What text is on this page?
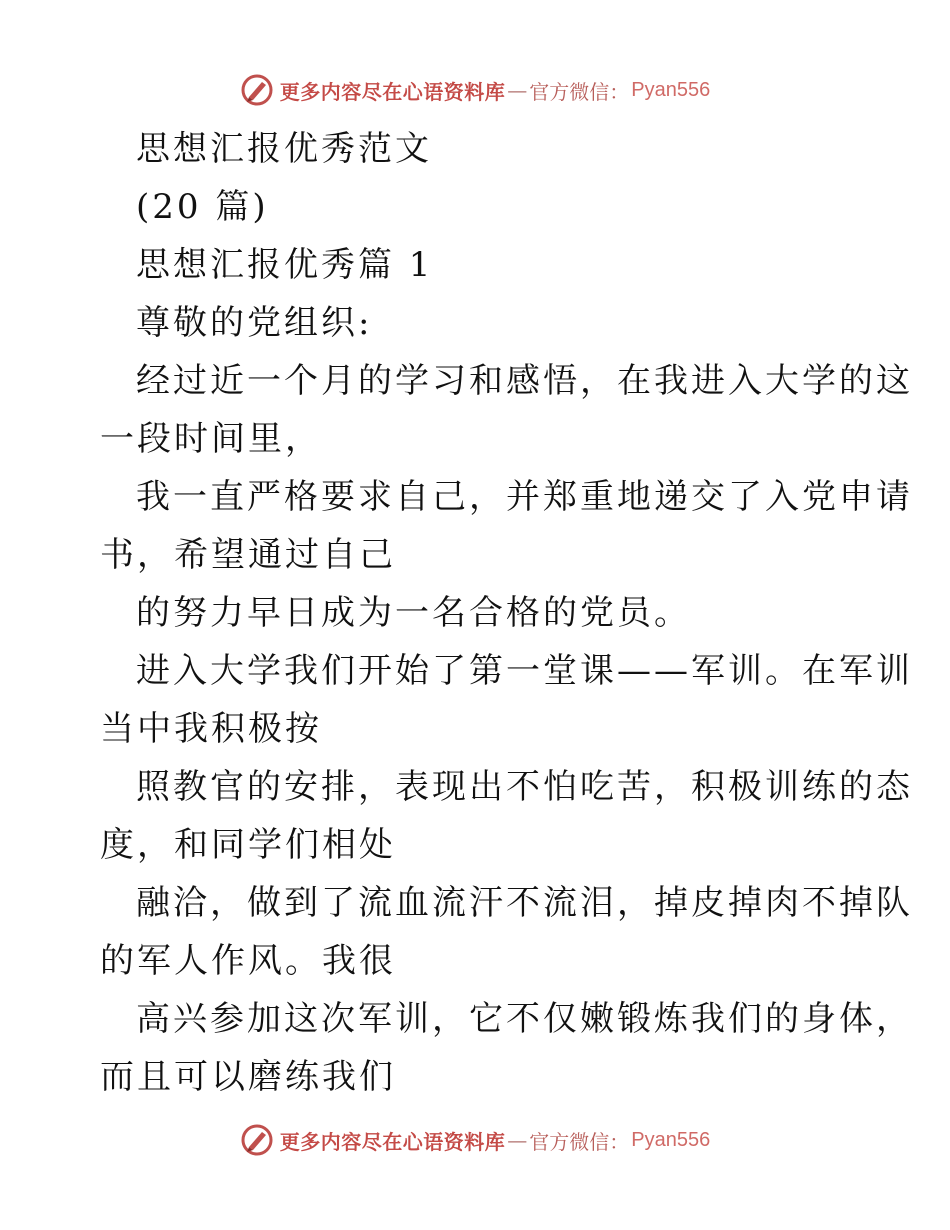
更多内容尽在心语资料库 — 官方微信： Pyan556
思想汇报优秀范文
(20 篇)
思想汇报优秀篇 1
尊敬的党组织:
经过近一个月的学习和感悟，在我进入大学的这
一段时间里，
我一直严格要求自己，并郑重地递交了入党申请
书，希望通过自己
的努力早日成为一名合格的党员。
进入大学我们开始了第一堂课——军训。在军训
当中我积极按
照教官的安排，表现出不怕吃苦，积极训练的态
度，和同学们相处
融洽，做到了流血流汗不流泪，掉皮掉肉不掉队
的军人作风。我很
高兴参加这次军训，它不仅嫩锻炼我们的身体，
而且可以磨练我们
更多内容尽在心语资料库 — 官方微信： Pyan556
